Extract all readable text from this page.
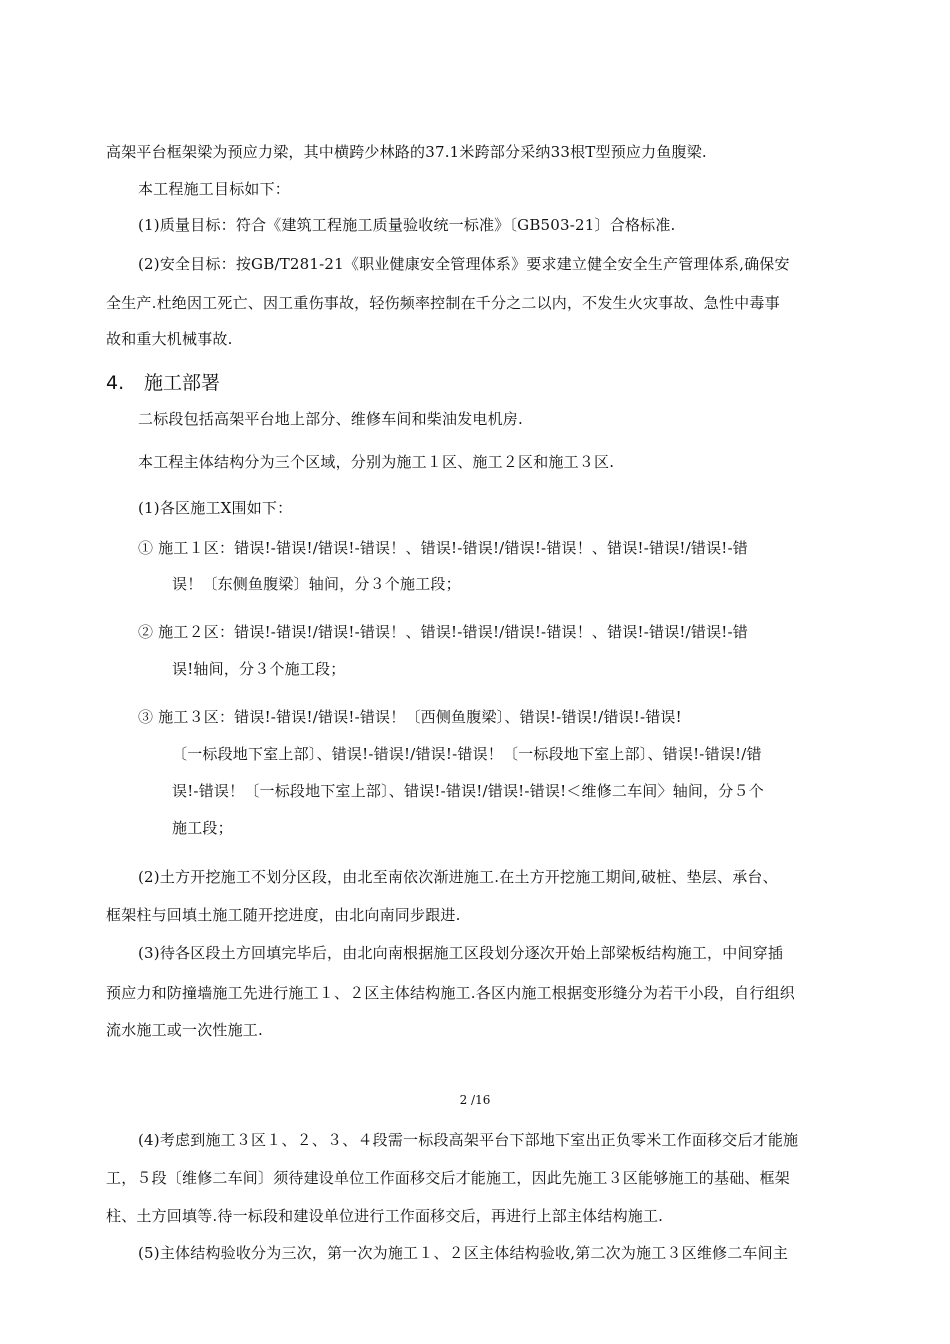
高架平台框架梁为预应力梁，其中横跨少林路的37.1米跨部分采纳33根T型预应力鱼腹梁.
本工程施工目标如下：
(1)质量目标：符合《建筑工程施工质量验收统一标准》〔GB503-21〕合格标准.
(2)安全目标：按GB/T281-21《职业健康安全管理体系》要求建立健全安全生产管理体系,确保安
全生产.杜绝因工死亡、因工重伤事故，轻伤频率控制在千分之二以内，不发生火灾事故、急性中毒事
故和重大机械事故.
4. 施工部署
二标段包括高架平台地上部分、维修车间和柴油发电机房.
本工程主体结构分为三个区域，分别为施工１区、施工２区和施工３区.
(1)各区施工X围如下：
① 施工１区：错误!-错误!/错误!-错误！、错误!-错误!/错误!-错误！、错误!-错误!/错误!-错
误！〔东侧鱼腹梁〕轴间，分３个施工段；
② 施工２区：错误!-错误!/错误!-错误！、错误!-错误!/错误!-错误！、错误!-错误!/错误!-错
误!轴间，分３个施工段；
③ 施工３区：错误!-错误!/错误!-错误！〔西侧鱼腹梁〕、错误!-错误!/错误!-错误!
〔一标段地下室上部〕、错误!-错误!/错误!-错误！〔一标段地下室上部〕、错误!-错误!/错
误!-错误！〔一标段地下室上部〕、错误!-错误!/错误!-错误!＜维修二车间〉轴间，分５个
施工段；
(2)土方开挖施工不划分区段，由北至南依次渐进施工.在土方开挖施工期间,破桩、垫层、承台、
框架柱与回填土施工随开挖进度，由北向南同步跟进.
(3)待各区段土方回填完毕后，由北向南根据施工区段划分逐次开始上部梁板结构施工，中间穿插
预应力和防撞墙施工先进行施工１、２区主体结构施工.各区内施工根据变形缝分为若干小段，自行组织
流水施工或一次性施工.
2 /16
(4)考虑到施工３区１、２、３、４段需一标段高架平台下部地下室出正负零米工作面移交后才能施
工，５段〔维修二车间〕须待建设单位工作面移交后才能施工，因此先施工３区能够施工的基础、框架
柱、土方回填等.待一标段和建设单位进行工作面移交后，再进行上部主体结构施工.
(5)主体结构验收分为三次，第一次为施工１、２区主体结构验收,第二次为施工３区维修二车间主
